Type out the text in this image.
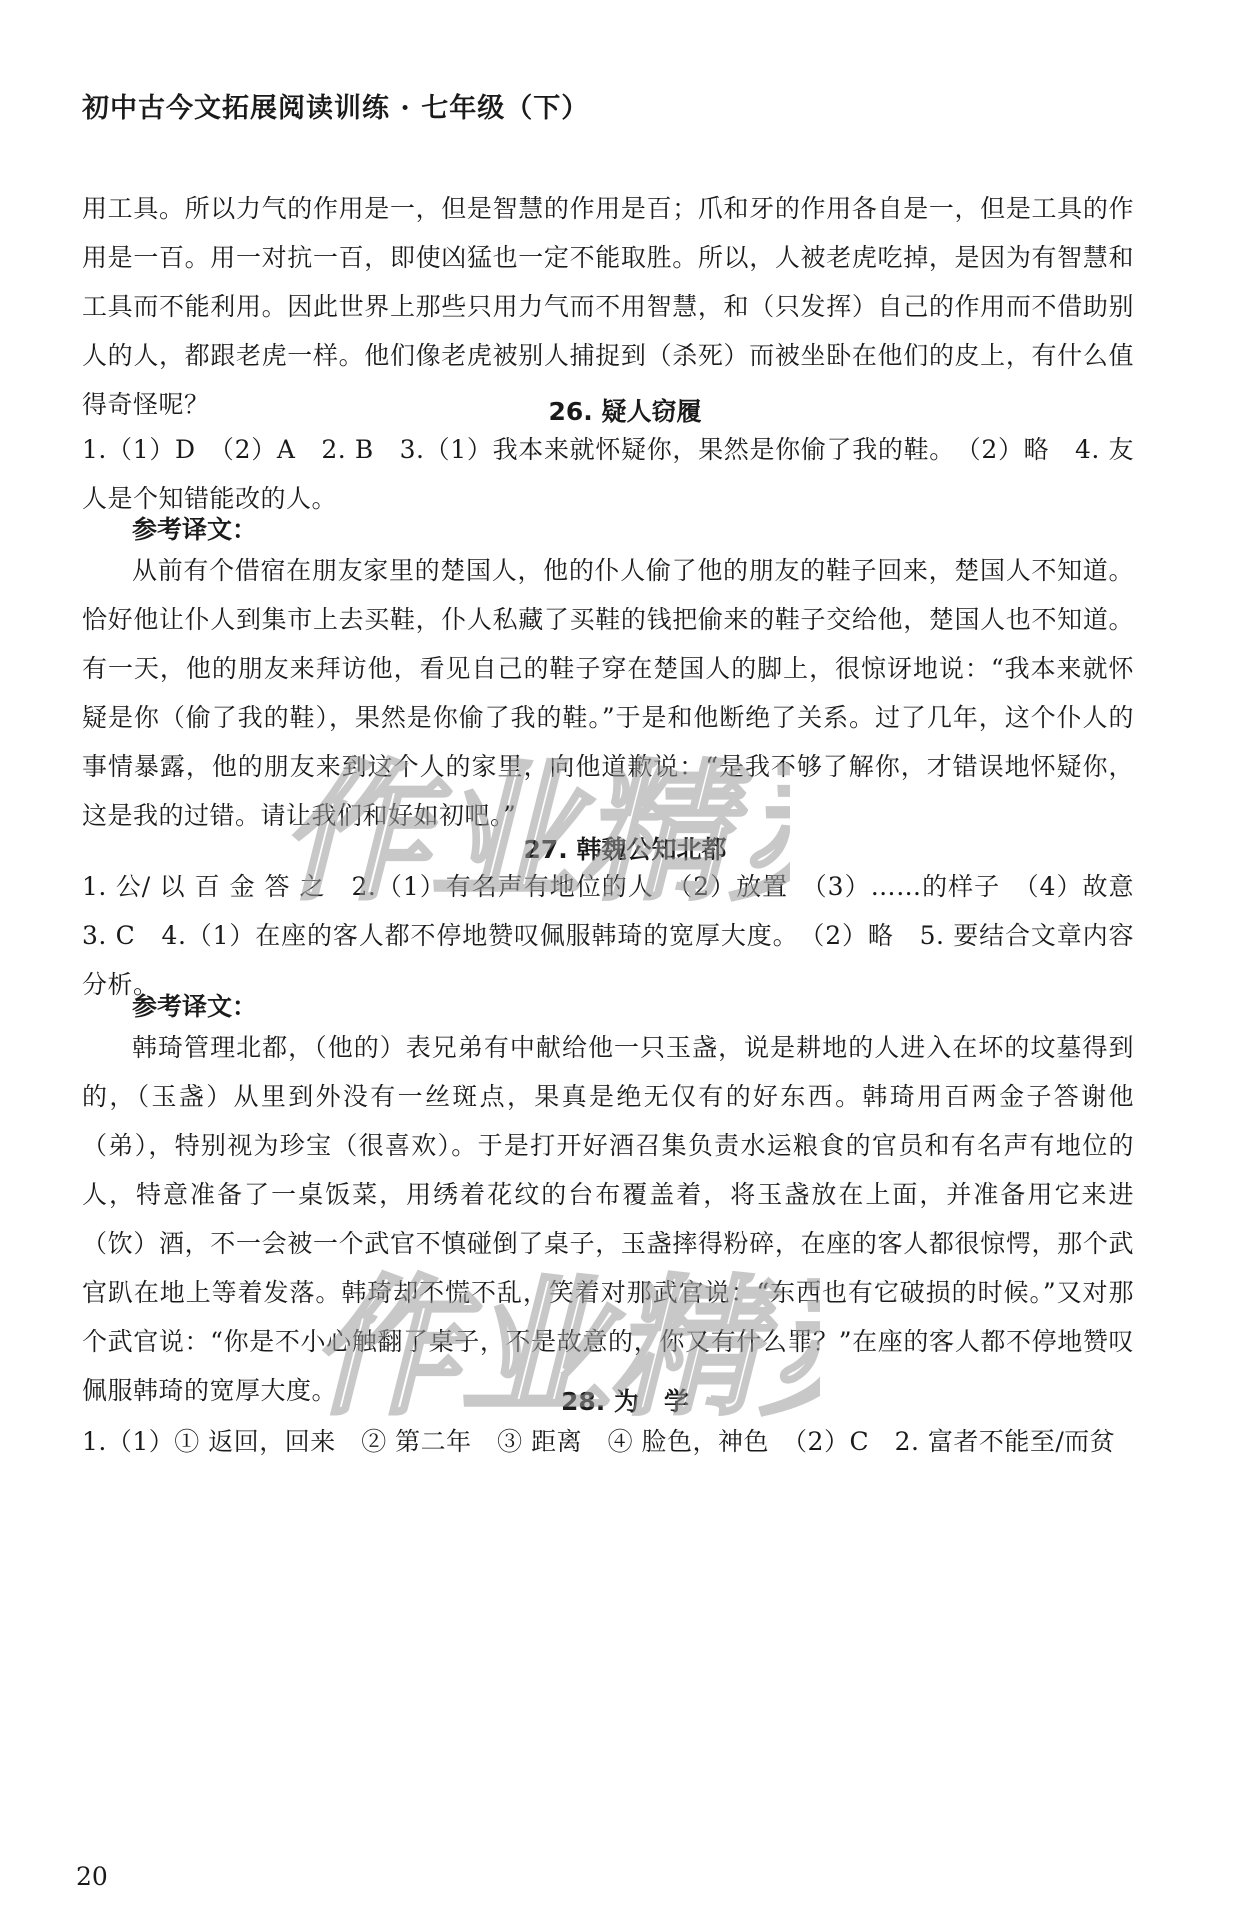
初中古今文拓展阅读训练 · 七年级（下）

用工具。所以力气的作用是一，但是智慧的作用是百；爪和牙的作用各自是一，但是工具的作用是一百。用一对抗一百，即使凶猛也一定不能取胜。所以，人被老虎吃掉，是因为有智慧和工具而不能利用。因此世界上那些只用力气而不用智慧，和（只发挥）自己的作用而不借助别人的人，都跟老虎一样。他们像老虎被别人捕捉到（杀死）而被坐卧在他们的皮上，有什么值得奇怪呢？	26. 疑人窃履

1.（1）D　（2）A　2. B　3.（1）我本来就怀疑你，果然是你偷了我的鞋。　（2）略　4. 友人是个知错能改的人。

参考译文：

从前有个借宿在朋友家里的楚国人，他的仆人偷了他的朋友的鞋子回来，楚国人不知道。恰好他让仆人到集市上去买鞋，仆人私藏了买鞋的钱把偷来的鞋子交给他，楚国人也不知道。有一天，他的朋友来拜访他，看见自己的鞋子穿在楚国人的脚上，很惊讶地说：“我本来就怀疑是你（偷了我的鞋），果然是你偷了我的鞋。”于是和他断绝了关系。过了几年，这个仆人的事情暴露，他的朋友来到这个人的家里，向他道歉说：“是我不够了解你，才错误地怀疑你，这是我的过错。请让我们和好如初吧。”

27. 韩魏公知北都

1. 公/ 以 百 金 答 之　2.（1）有名声有地位的人　（2）放置　（3）……的样子　（4）故意　3. C　4.（1）在座的客人都不停地赞叹佩服韩琦的宽厚大度。　（2）略　5. 要结合文章内容分析。

参考译文：

韩琦管理北都，（他的）表兄弟有中献给他一只玉盏，说是耕地的人进入在坏的坟墓得到的，（玉盏）从里到外没有一丝斑点，果真是绝无仅有的好东西。韩琦用百两金子答谢他（弟），特别视为珍宝（很喜欢）。于是打开好酒召集负责水运粮食的官员和有名声有地位的人，特意准备了一桌饭菜，用绣着花纹的台布覆盖着，将玉盏放在上面，并准备用它来进（饮）酒，不一会被一个武官不慎碰倒了桌子，玉盏摔得粉碎，在座的客人都很惊愕，那个武官趴在地上等着发落。韩琦却不慌不乱，笑着对那武官说：“东西也有它破损的时候。”又对那个武官说：“你是不小心触翻了桌子，不是故意的，你又有什么罪？”在座的客人都不停地赞叹佩服韩琦的宽厚大度。	28. 为　学

1.（1）① 返回，回来　② 第二年　③ 距离　④ 脸色，神色　（2）C　2. 富者不能至/而贫

作业精
作业精
20
